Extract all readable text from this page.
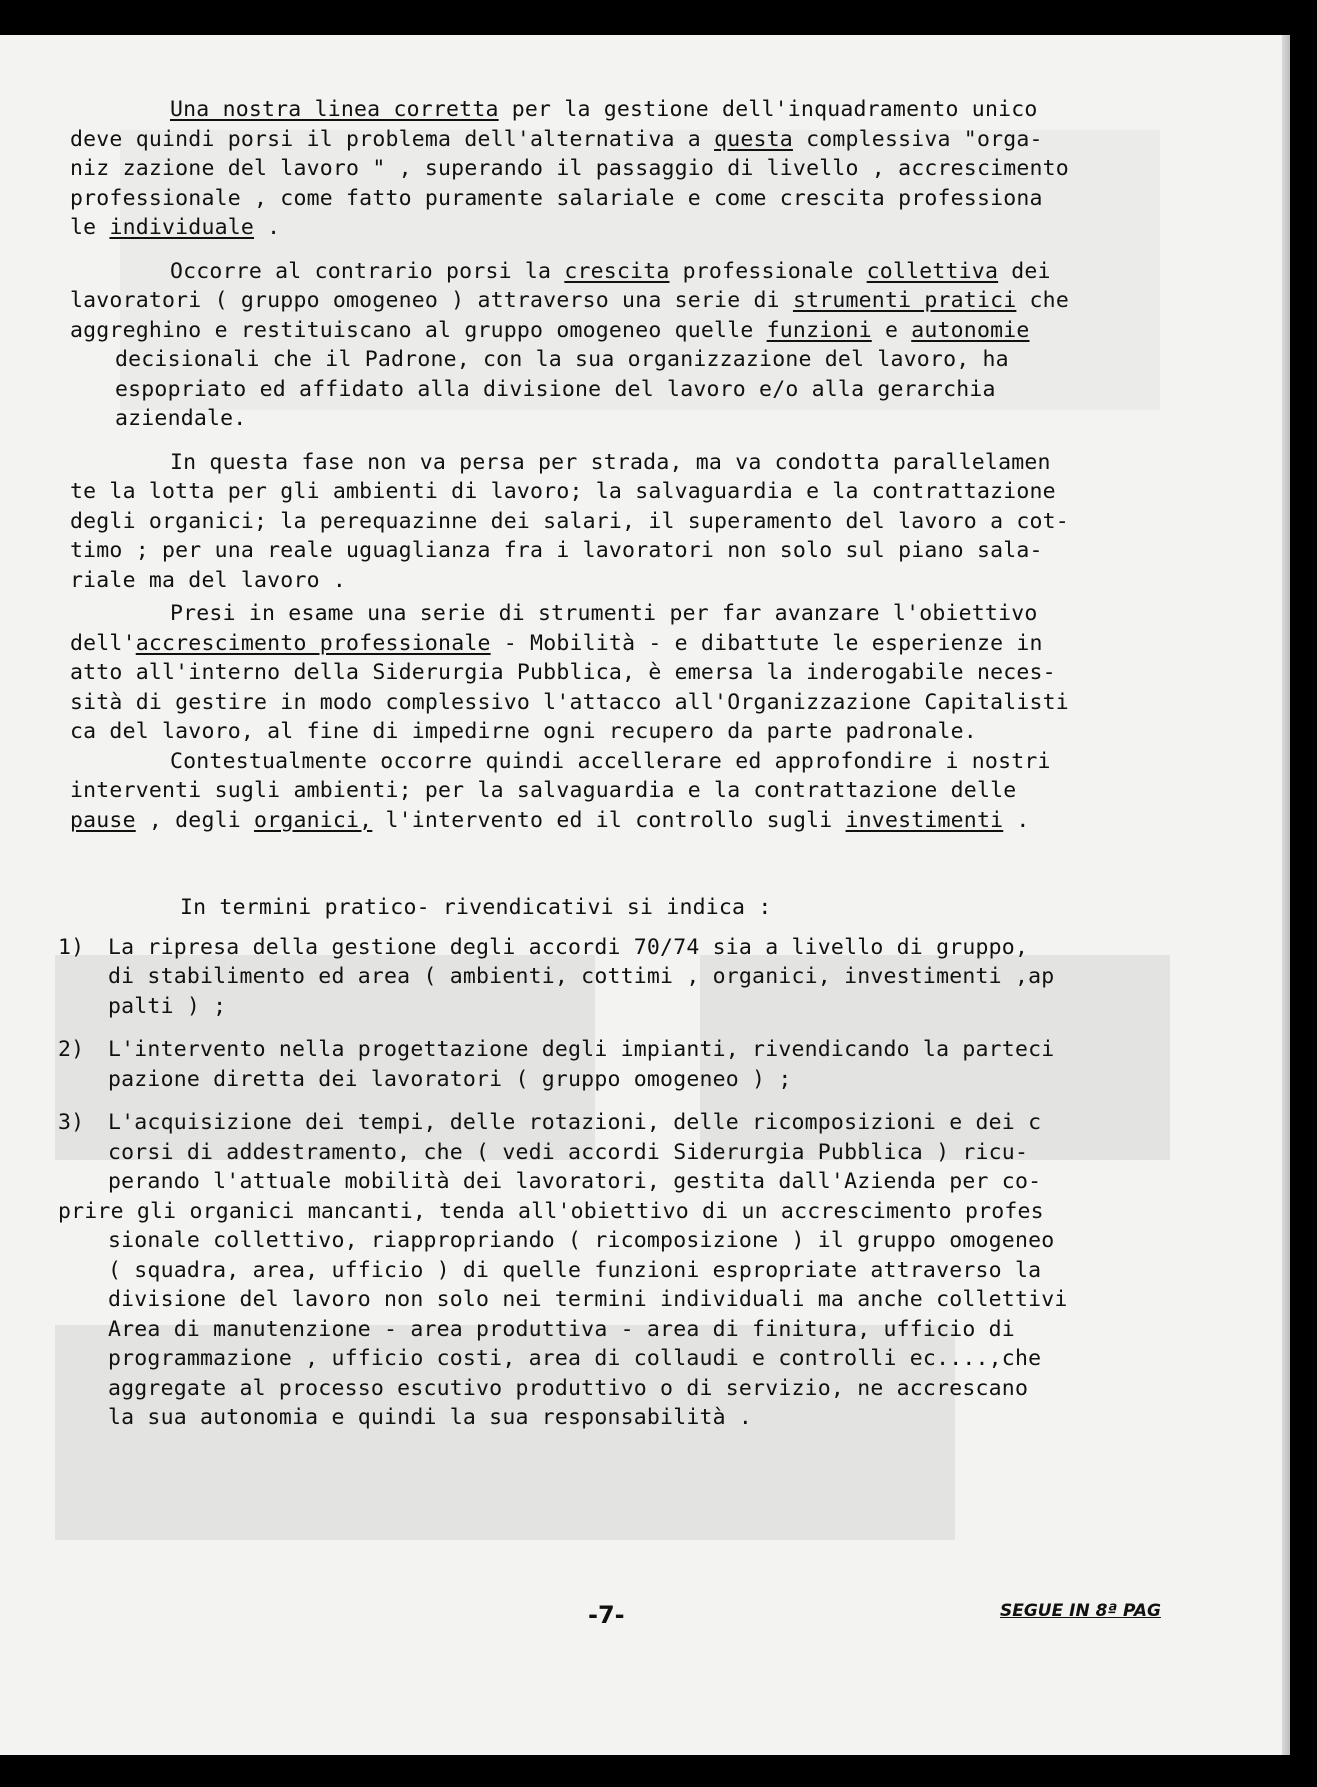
Una nostra linea corretta per la gestione dell'inquadramento unico

deve quindi porsi il problema dell'alternativa a questa complessiva "orga-

niz zazione del lavoro " , superando il passaggio di livello , accrescimento

professionale , come fatto puramente salariale e come crescita professiona

le individuale .

Occorre al contrario porsi la crescita professionale collettiva dei

lavoratori ( gruppo omogeneo ) attraverso una serie di strumenti pratici che

aggreghino e restituiscano al gruppo omogeneo quelle funzioni e autonomie

decisionali che il Padrone, con la sua organizzazione del lavoro, ha

espopriato ed affidato alla divisione del lavoro e/o alla gerarchia

aziendale.

In questa fase non va persa per strada, ma va condotta parallelamen

te la lotta per gli ambienti di lavoro; la salvaguardia e la contrattazione

degli organici; la perequazinne dei salari, il superamento del lavoro a cot-

timo ; per una reale uguaglianza fra i lavoratori non solo sul piano sala-

riale ma del lavoro .

Presi in esame una serie di strumenti per far avanzare l'obiettivo

dell'accrescimento professionale - Mobilità - e dibattute le esperienze in

atto all'interno della Siderurgia Pubblica, è emersa la inderogabile neces-

sità di gestire in modo complessivo l'attacco all'Organizzazione Capitalisti

ca del lavoro, al fine di impedirne ogni recupero da parte padronale.

Contestualmente occorre quindi accellerare ed approfondire i nostri

interventi sugli ambienti; per la salvaguardia e la contrattazione delle

pause , degli organici, l'intervento ed il controllo sugli investimenti .

In termini pratico- rivendicativi si indica :

1) La ripresa della gestione degli accordi 70/74 sia a livello di gruppo,
di stabilimento ed area ( ambienti, cottimi , organici, investimenti ,ap
palti ) ;
2) L'intervento nella progettazione degli impianti, rivendicando la parteci
pazione diretta dei lavoratori ( gruppo omogeneo ) ;
3) L'acquisizione dei tempi, delle rotazioni, delle ricomposizioni e dei c
corsi di addestramento, che ( vedi accordi Siderurgia Pubblica ) ricu-
perando l'attuale mobilità dei lavoratori, gestita dall'Azienda per co-
prire gli organici mancanti, tenda all'obiettivo di un accrescimento profes
sionale collettivo, riappropriando ( ricomposizione ) il gruppo omogeneo
( squadra, area, ufficio ) di quelle funzioni espropriate attraverso la
divisione del lavoro non solo nei termini individuali ma anche collettivi
Area di manutenzione - area produttiva - area di finitura, ufficio di
programmazione , ufficio costi, area di collaudi e controlli ec....,che
aggregate al processo escutivo produttivo o di servizio, ne accrescano
la sua autonomia e quindi la sua responsabilità .
-7-	SEGUE IN 8ª PAG
